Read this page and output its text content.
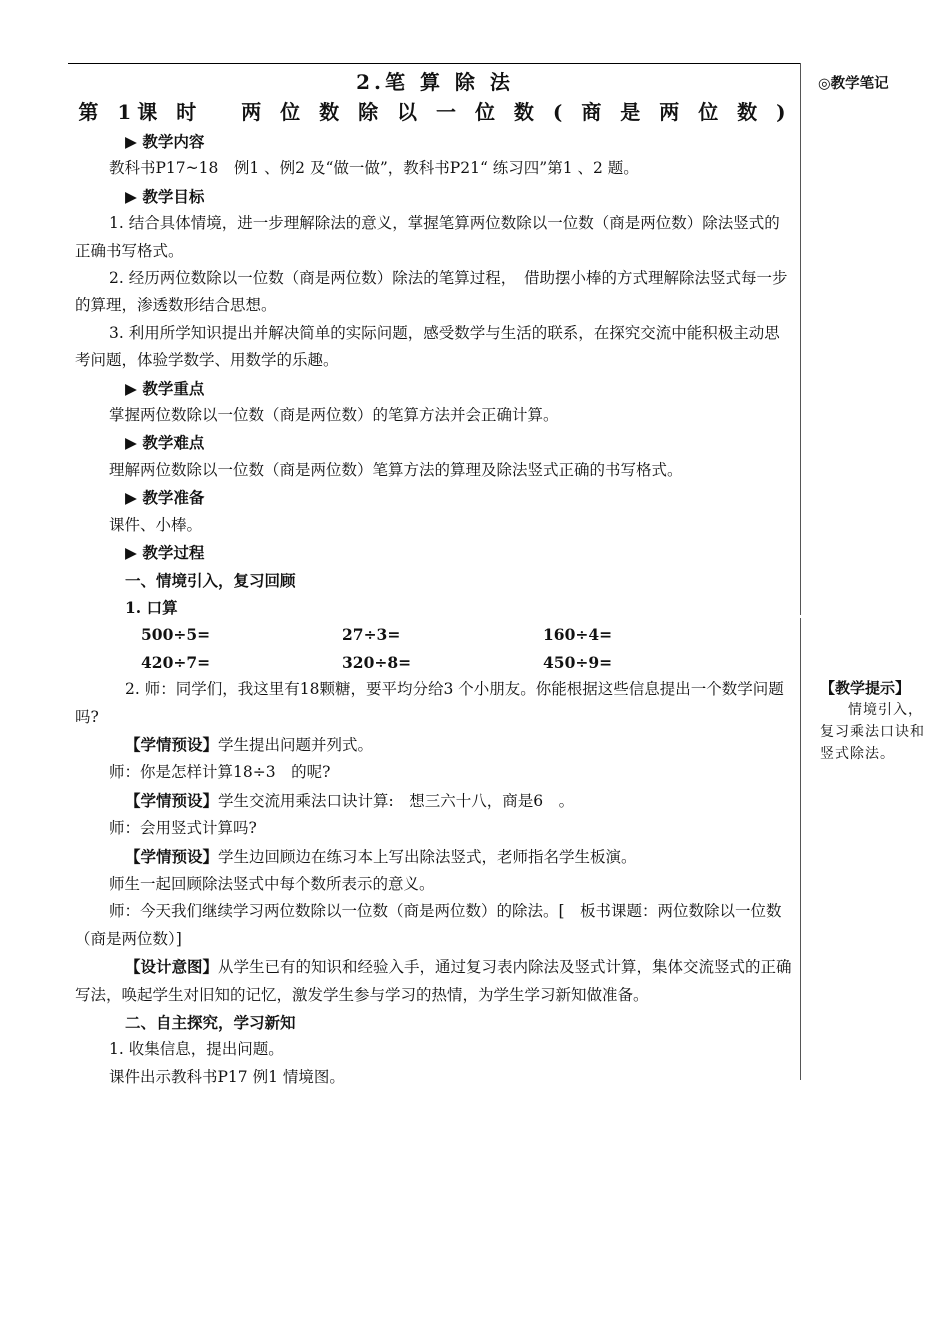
2.笔 算 除 法
第 1课 时　 两 位 数 除 以 一 位 数 ( 商 是 两 位 数 )
▶ 教学内容
教科书P17~18　例1 、例2 及“做一做”，教科书P21“ 练习四”第1 、2 题。
▶ 教学目标
1. 结合具体情境，进一步理解除法的意义，掌握笔算两位数除以一位数（商是两位数）除法竖式的正确书写格式。
2. 经历两位数除以一位数（商是两位数）除法的笔算过程，　借助摆小棒的方式理解除法竖式每一步的算理，渗透数形结合思想。
3. 利用所学知识提出并解决简单的实际问题，感受数学与生活的联系，在探究交流中能积极主动思考问题，体验学数学、用数学的乐趣。
▶ 教学重点
掌握两位数除以一位数（商是两位数）的笔算方法并会正确计算。
▶ 教学难点
理解两位数除以一位数（商是两位数）笔算方法的算理及除法竖式正确的书写格式。
▶ 教学准备
课件、小棒。
▶ 教学过程
一、情境引入，复习回顾
1. 口算
500÷5=	27÷3=	160÷4=
420÷7=	320÷8=	450÷9=
2. 师：同学们，我这里有18颗糖，要平均分给3 个小朋友。你能根据这些信息提出一个数学问题吗?
【学情预设】学生提出问题并列式。
师：你是怎样计算18÷3　的呢?
【学情预设】学生交流用乘法口诀计算:　想三六十八，商是6　。
师：会用竖式计算吗?
【学情预设】学生边回顾边在练习本上写出除法竖式，老师指名学生板演。
师生一起回顾除法竖式中每个数所表示的意义。
师：今天我们继续学习两位数除以一位数（商是两位数）的除法。[　板书课题：两位数除以一位数（商是两位数）]
【设计意图】从学生已有的知识和经验入手，通过复习表内除法及竖式计算，集体交流竖式的正确写法，唤起学生对旧知的记忆，激发学生参与学习的热情，为学生学习新知做准备。
二、自主探究，学习新知
1. 收集信息，提出问题。
课件出示教科书P17 例1 情境图。
◎教学笔记
【教学提示】
情境引入，复习乘法口诀和竖式除法。
